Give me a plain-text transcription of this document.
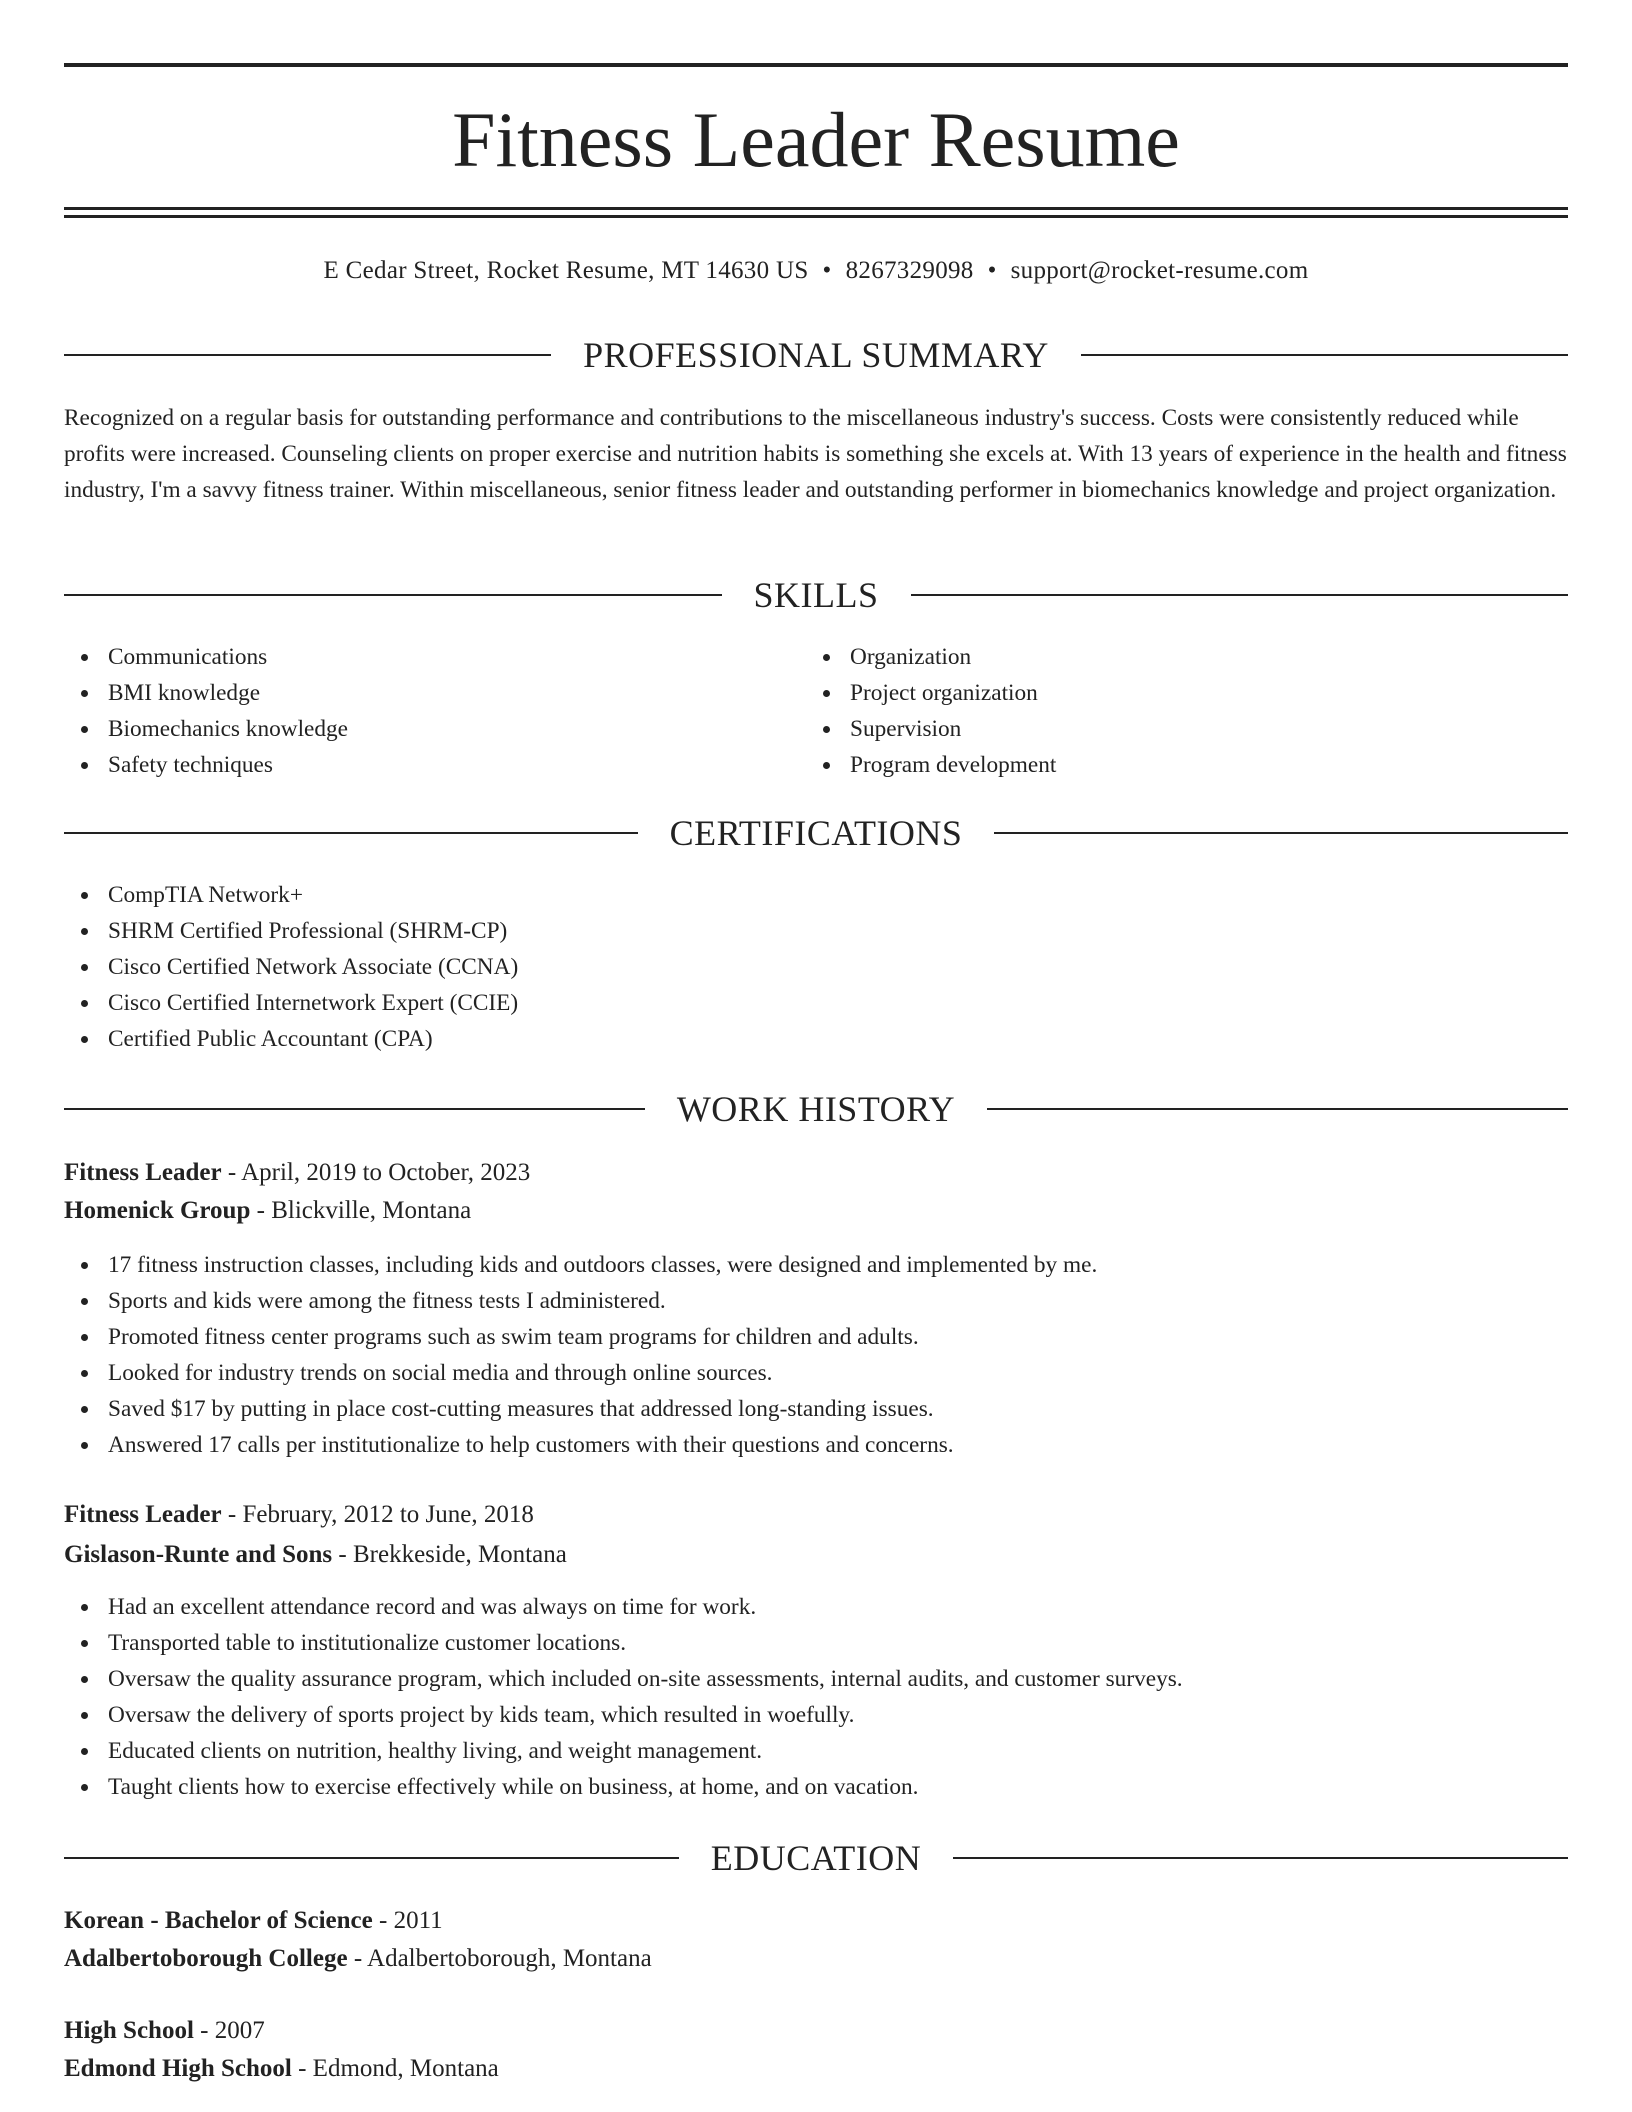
Fitness Leader Resume
E Cedar Street, Rocket Resume, MT 14630 US • 8267329098 • support@rocket-resume.com
PROFESSIONAL SUMMARY

Recognized on a regular basis for outstanding performance and contributions to the miscellaneous industry's success. Costs were consistently reduced while profits were increased. Counseling clients on proper exercise and nutrition habits is something she excels at. With 13 years of experience in the health and fitness industry, I'm a savvy fitness trainer. Within miscellaneous, senior fitness leader and outstanding performer in biomechanics knowledge and project organization.

SKILLS
Communications
BMI knowledge
Biomechanics knowledge
Safety techniques
Organization
Project organization
Supervision
Program development
CERTIFICATIONS
CompTIA Network+
SHRM Certified Professional (SHRM-CP)
Cisco Certified Network Associate (CCNA)
Cisco Certified Internetwork Expert (CCIE)
Certified Public Accountant (CPA)
WORK HISTORY
Fitness Leader - April, 2019 to October, 2023
Homenick Group - Blickville, Montana
17 fitness instruction classes, including kids and outdoors classes, were designed and implemented by me.
Sports and kids were among the fitness tests I administered.
Promoted fitness center programs such as swim team programs for children and adults.
Looked for industry trends on social media and through online sources.
Saved $17 by putting in place cost-cutting measures that addressed long-standing issues.
Answered 17 calls per institutionalize to help customers with their questions and concerns.
Fitness Leader - February, 2012 to June, 2018
Gislason-Runte and Sons - Brekkeside, Montana
Had an excellent attendance record and was always on time for work.
Transported table to institutionalize customer locations.
Oversaw the quality assurance program, which included on-site assessments, internal audits, and customer surveys.
Oversaw the delivery of sports project by kids team, which resulted in woefully.
Educated clients on nutrition, healthy living, and weight management.
Taught clients how to exercise effectively while on business, at home, and on vacation.
EDUCATION
Korean - Bachelor of Science - 2011
Adalbertoborough College - Adalbertoborough, Montana
High School - 2007
Edmond High School - Edmond, Montana
